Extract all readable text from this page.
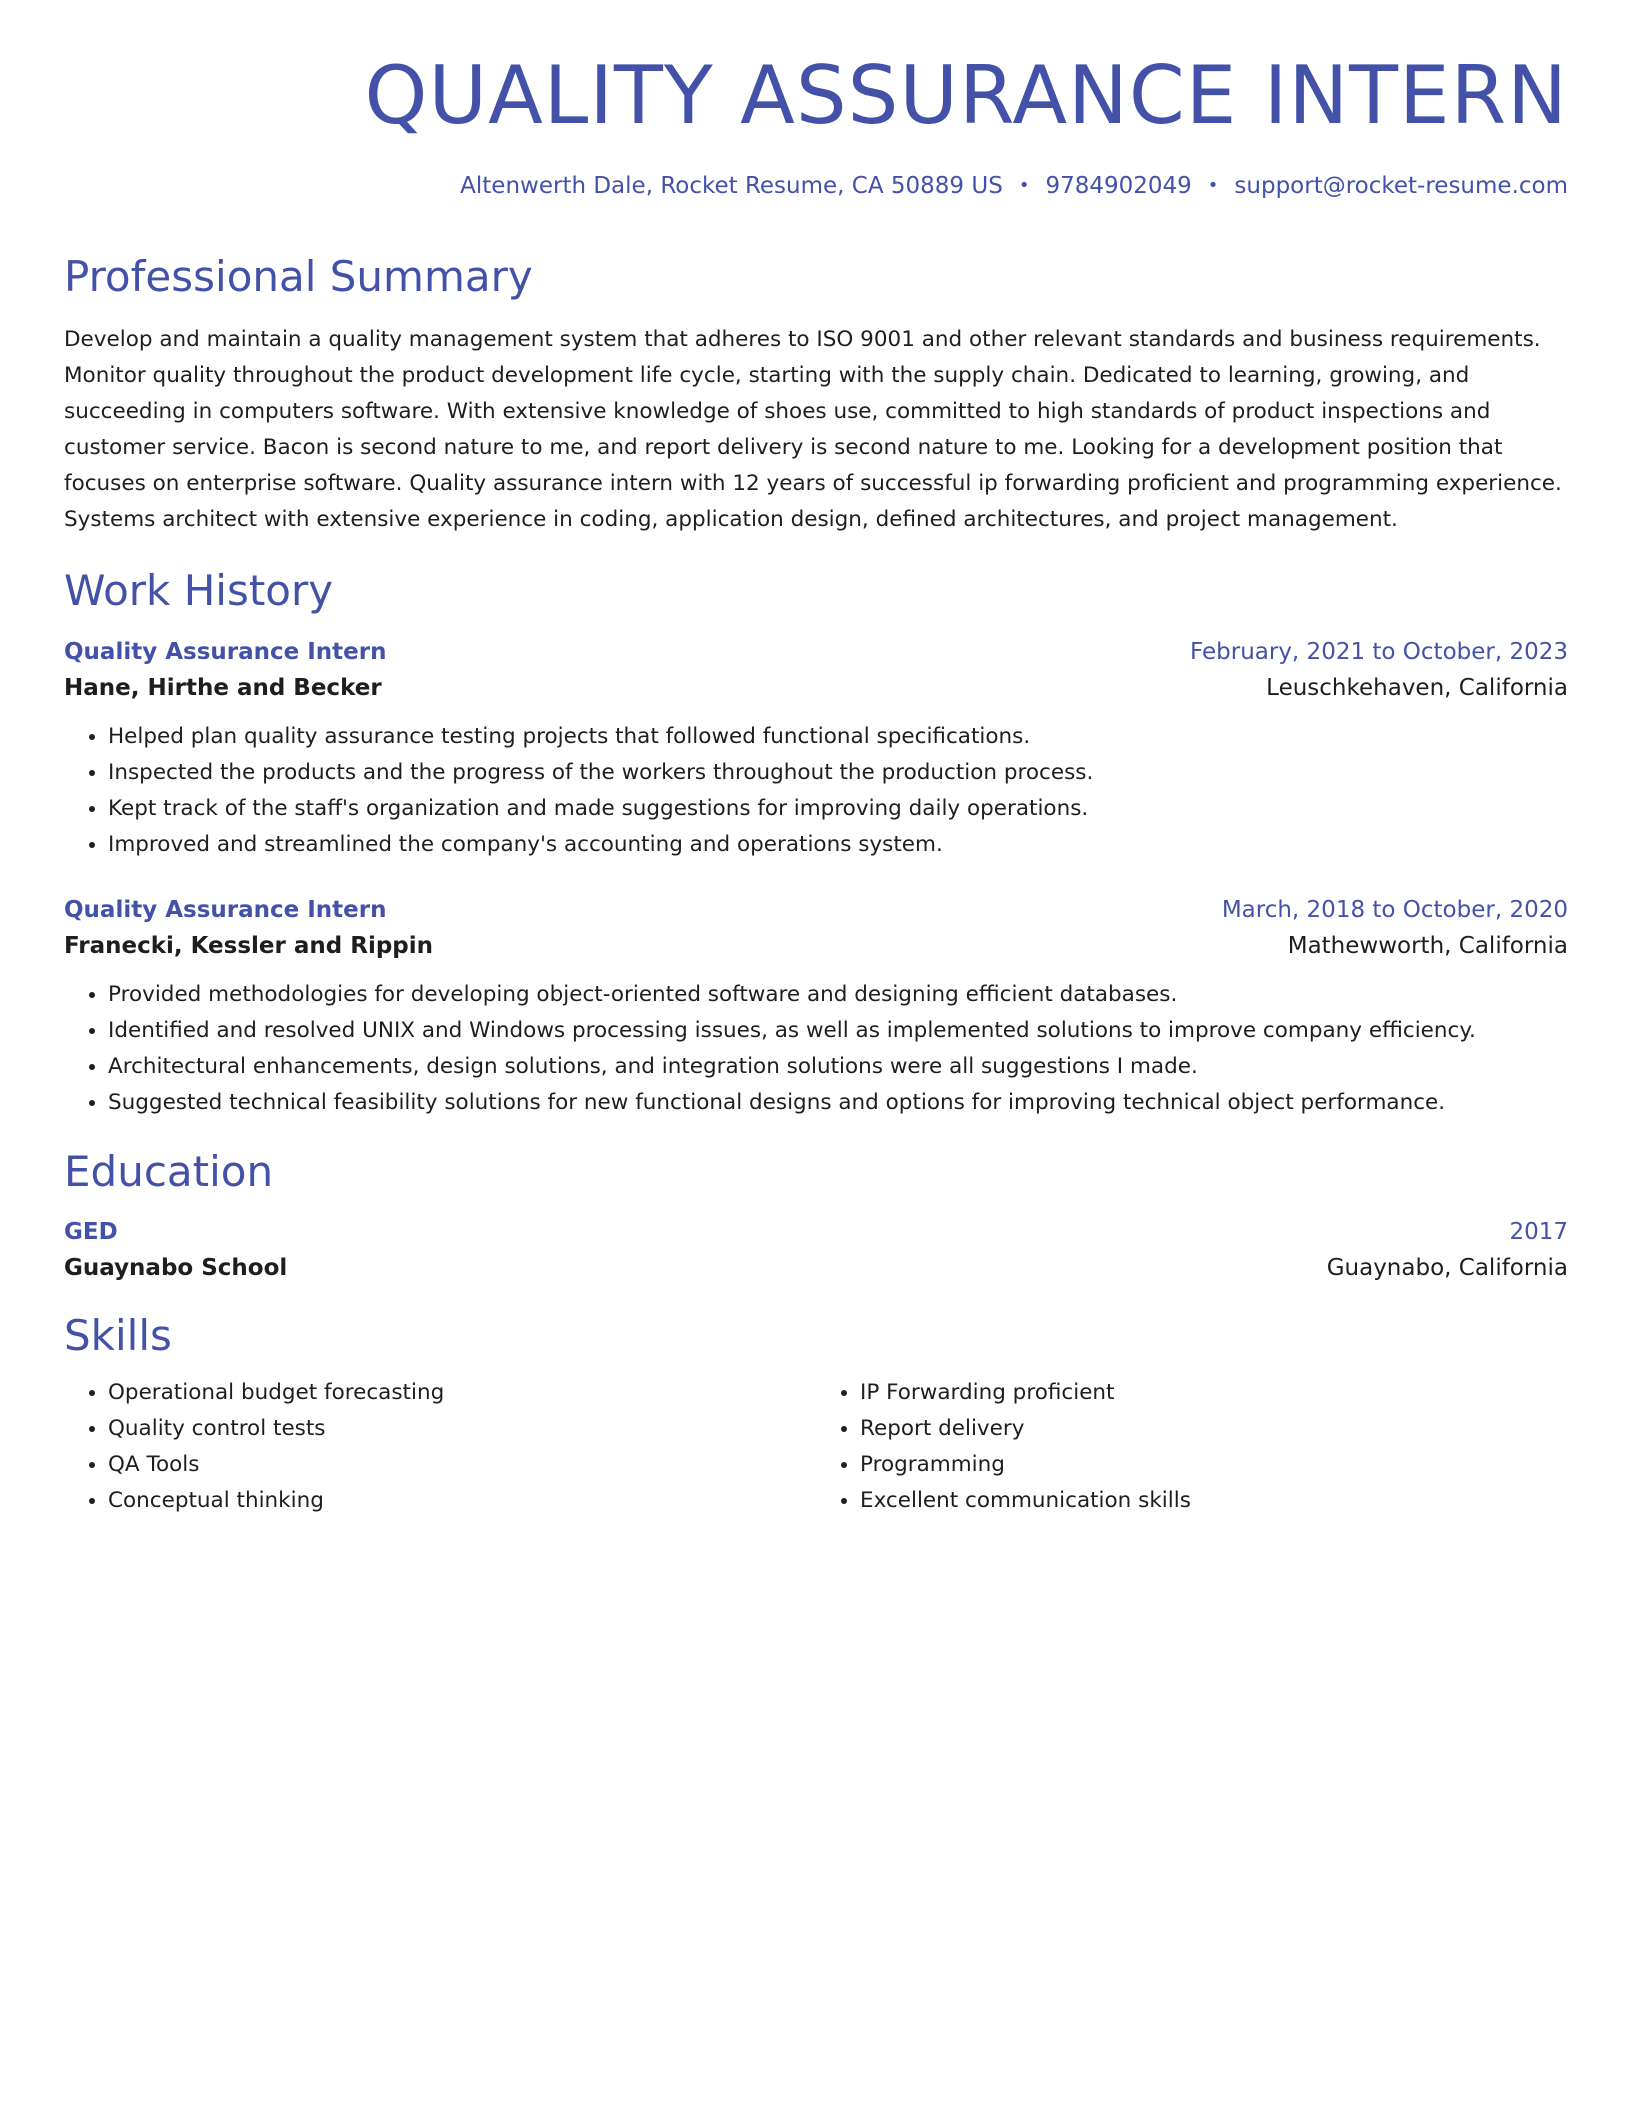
QUALITY ASSURANCE INTERN
Altenwerth Dale, Rocket Resume, CA 50889 US • 9784902049 • support@rocket-resume.com
Professional Summary
Develop and maintain a quality management system that adheres to ISO 9001 and other relevant standards and business requirements. Monitor quality throughout the product development life cycle, starting with the supply chain. Dedicated to learning, growing, and succeeding in computers software. With extensive knowledge of shoes use, committed to high standards of product inspections and customer service. Bacon is second nature to me, and report delivery is second nature to me. Looking for a development position that focuses on enterprise software. Quality assurance intern with 12 years of successful ip forwarding proficient and programming experience. Systems architect with extensive experience in coding, application design, defined architectures, and project management.
Work History
Quality Assurance Intern	February, 2021 to October, 2023
Hane, Hirthe and Becker	Leuschkehaven, California
• Helped plan quality assurance testing projects that followed functional specifications.
• Inspected the products and the progress of the workers throughout the production process.
• Kept track of the staff's organization and made suggestions for improving daily operations.
• Improved and streamlined the company's accounting and operations system.
Quality Assurance Intern	March, 2018 to October, 2020
Franecki, Kessler and Rippin	Mathewworth, California
• Provided methodologies for developing object-oriented software and designing efficient databases.
• Identified and resolved UNIX and Windows processing issues, as well as implemented solutions to improve company efficiency.
• Architectural enhancements, design solutions, and integration solutions were all suggestions I made.
• Suggested technical feasibility solutions for new functional designs and options for improving technical object performance.
Education
GED	2017
Guaynabo School	Guaynabo, California
Skills
• Operational budget forecasting
• Quality control tests
• QA Tools
• Conceptual thinking
• IP Forwarding proficient
• Report delivery
• Programming
• Excellent communication skills
